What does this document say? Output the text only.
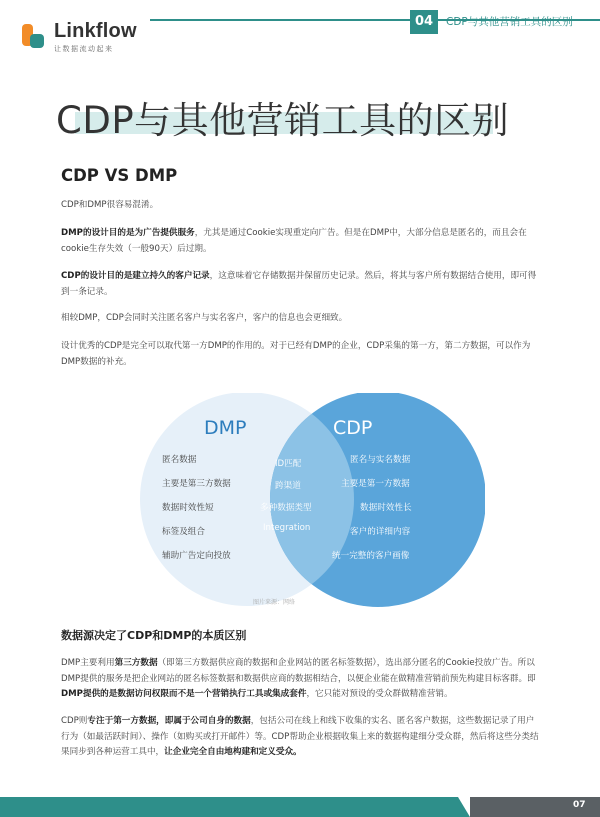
Linkflow
让数据流动起来
04	CDP与其他营销工具的区别
CDP与其他营销工具的区别
CDP VS DMP

CDP和DMP很容易混淆。

DMP的设计目的是为广告提供服务，尤其是通过Cookie实现重定向广告。但是在DMP中，大部分信息是匿名的，而且会在cookie生存失效（一般90天）后过期。

CDP的设计目的是建立持久的客户记录，这意味着它存储数据并保留历史记录。然后，将其与客户所有数据结合使用，即可得到一条记录。

相较DMP，CDP会同时关注匿名客户与实名客户，客户的信息也会更细致。

设计优秀的CDP是完全可以取代第一方DMP的作用的。对于已经有DMP的企业，CDP采集的第一方，第二方数据，可以作为DMP数据的补充。

DMP	CDP
匿名数据
主要是第三方数据
数据时效性短
标签及组合
辅助广告定向投放
ID匹配
跨渠道
多种数据类型
Integration
匿名与实名数据
主要是第一方数据
数据时效性长
客户的详细内容
统一完整的客户画像
图片来源：网络
数据源决定了CDP和DMP的本质区别

DMP主要利用第三方数据（即第三方数据供应商的数据和企业网站的匿名标签数据），选出部分匿名的Cookie投放广告。所以DMP提供的服务是把企业网站的匿名标签数据和数据供应商的数据相结合，以便企业能在做精准营销前预先构建目标客群。即DMP提供的是数据访问权限而不是一个营销执行工具或集成套件，它只能对预设的受众群做精准营销。

CDP则专注于第一方数据，即属于公司自身的数据，包括公司在线上和线下收集的实名、匿名客户数据，这些数据记录了用户行为（如最活跃时间）、操作（如购买或打开邮件）等。CDP帮助企业根据收集上来的数据构建细分受众群，然后将这些分类结果同步到各种运营工具中，让企业完全自由地构建和定义受众。

07
